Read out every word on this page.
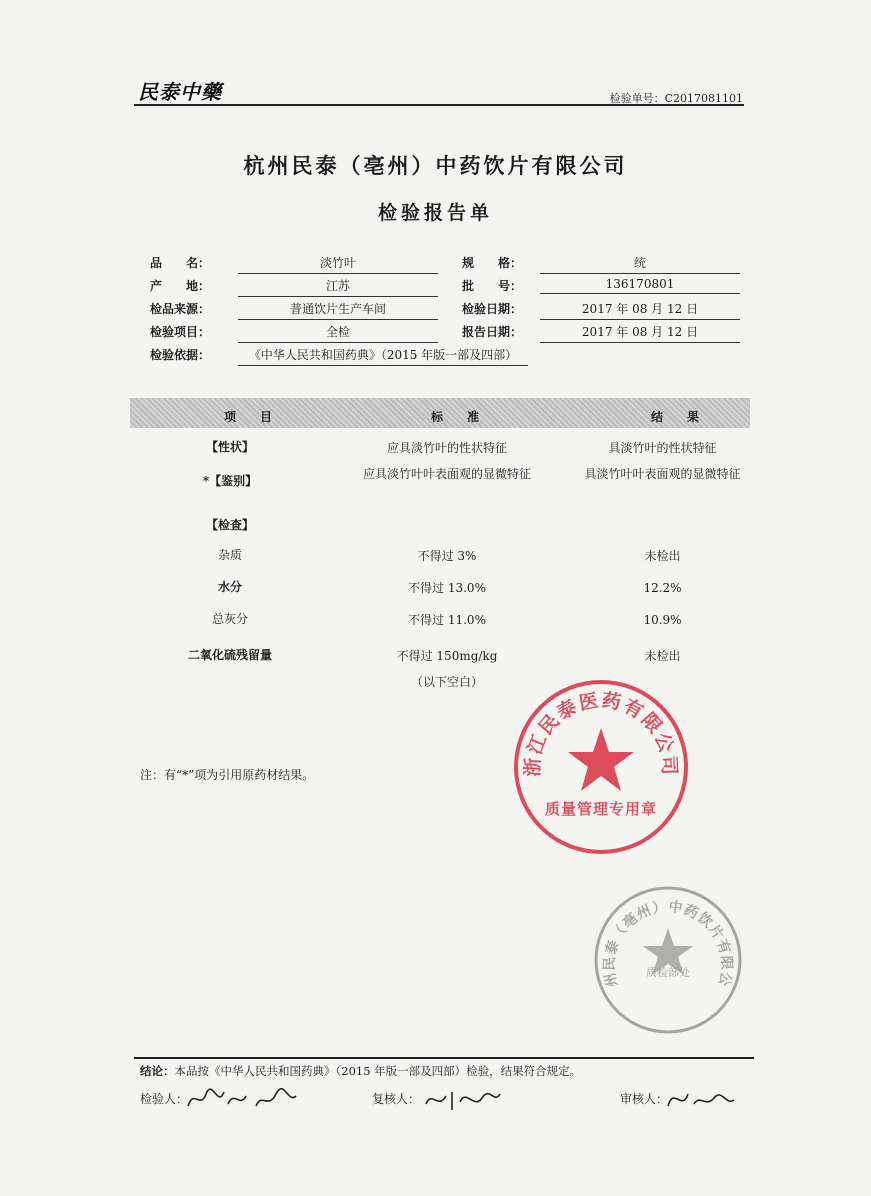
民泰中藥	检验单号：C2017081101
杭州民泰（亳州）中药饮片有限公司
检验报告单
品　　名：	淡竹叶	规　　格：	统
产　　地：	江苏	批　　号：	136170801
检品来源：	普通饮片生产车间	检验日期：	2017 年 08 月 12 日
检验项目：	全检	报告日期：	2017 年 08 月 12 日
检验依据：	《中华人民共和国药典》（2015 年版一部及四部）
项　　目	标　　准	结　　果
【性状】	应具淡竹叶的性状特征	具淡竹叶的性状特征
*【鉴别】	应具淡竹叶叶表面观的显微特征	具淡竹叶叶表面观的显微特征
【检查】
杂质	不得过 3%	未检出
水分	不得过 13.0%	12.2%
总灰分	不得过 11.0%	10.9%
二氧化硫残留量	不得过 150mg/kg	未检出
（以下空白）
注：有“*”项为引用原药材结果。	浙江民泰医药有限公司
质量管理专用章
州民泰（亳州）中药饮片有限公
质检部处
结论：本品按《中华人民共和国药典》（2015 年版一部及四部）检验，结果符合规定。
检验人：	复核人：	审核人：
